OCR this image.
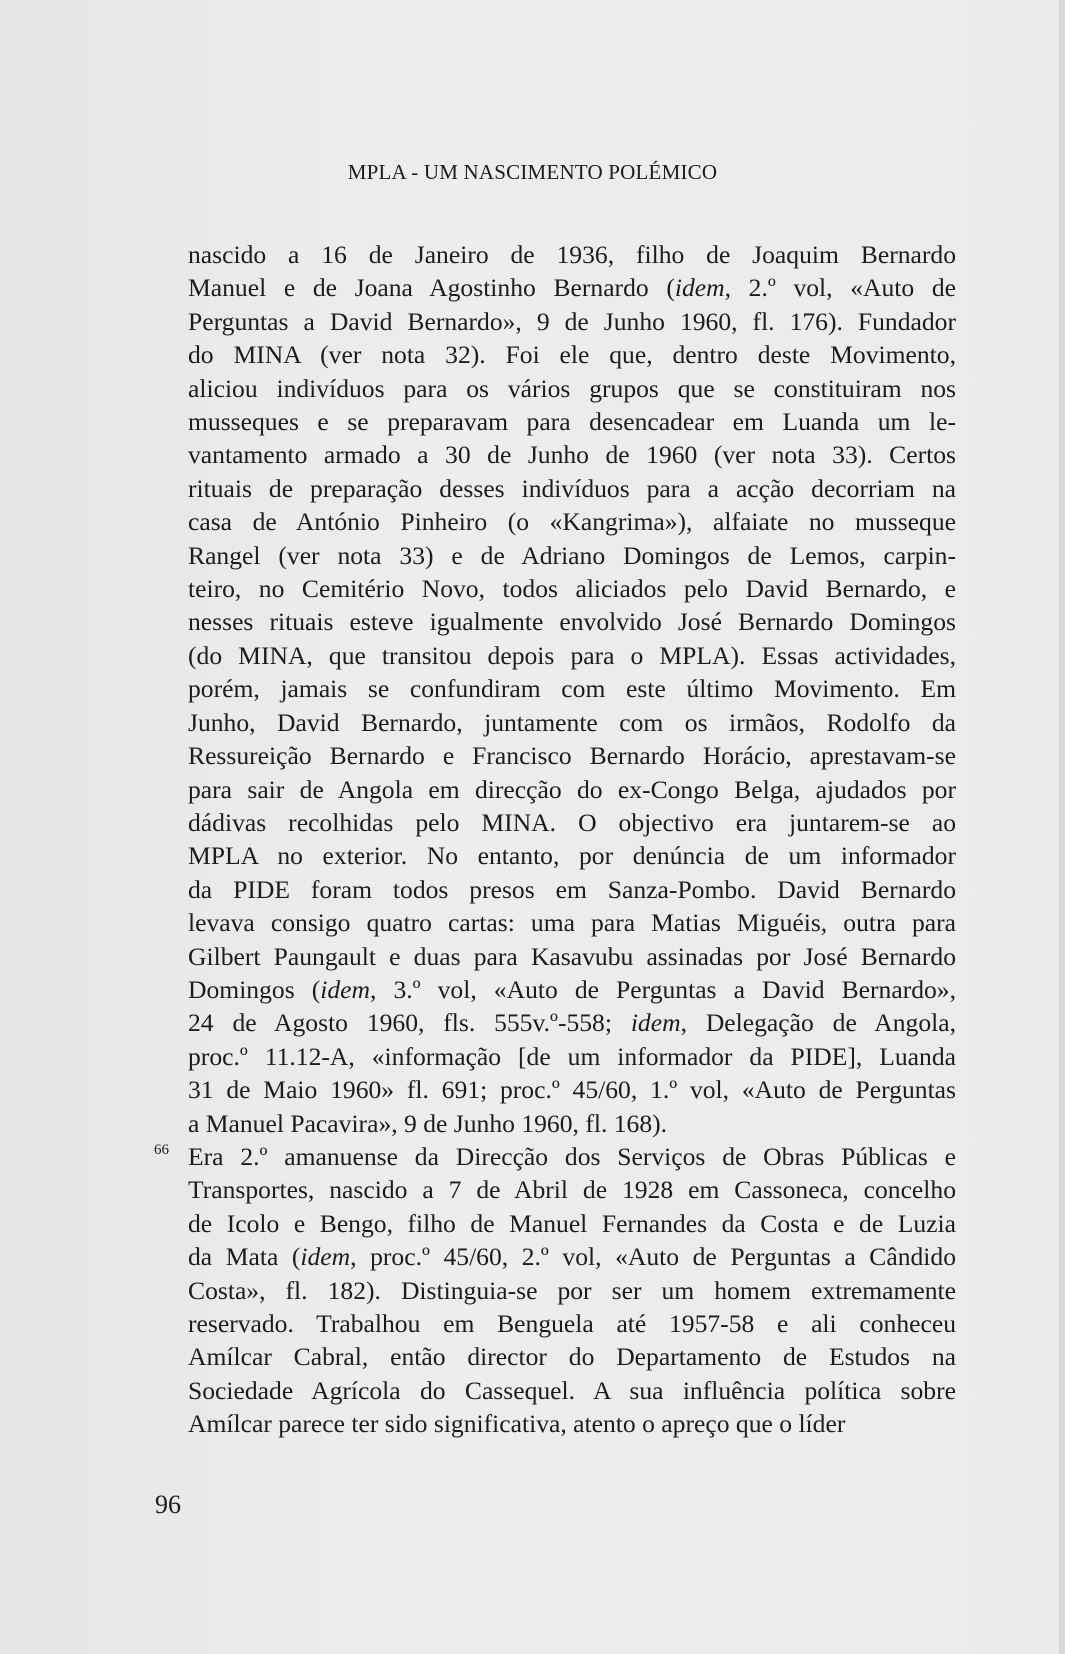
MPLA - UM NASCIMENTO POLÉMICO

nascido a 16 de Janeiro de 1936, filho de Joaquim Bernardo

Manuel e de Joana Agostinho Bernardo (idem, 2.º vol, «Auto de

Perguntas a David Bernardo», 9 de Junho 1960, fl. 176). Fundador

do MINA (ver nota 32). Foi ele que, dentro deste Movimento,

aliciou indivíduos para os vários grupos que se constituiram nos

musseques e se preparavam para desencadear em Luanda um le-

vantamento armado a 30 de Junho de 1960 (ver nota 33). Certos

rituais de preparação desses indivíduos para a acção decorriam na

casa de António Pinheiro (o «Kangrima»), alfaiate no musseque

Rangel (ver nota 33) e de Adriano Domingos de Lemos, carpin-

teiro, no Cemitério Novo, todos aliciados pelo David Bernardo, e

nesses rituais esteve igualmente envolvido José Bernardo Domingos

(do MINA, que transitou depois para o MPLA). Essas actividades,

porém, jamais se confundiram com este último Movimento. Em

Junho, David Bernardo, juntamente com os irmãos, Rodolfo da

Ressureição Bernardo e Francisco Bernardo Horácio, aprestavam-se

para sair de Angola em direcção do ex-Congo Belga, ajudados por

dádivas recolhidas pelo MINA. O objectivo era juntarem-se ao

MPLA no exterior. No entanto, por denúncia de um informador

da PIDE foram todos presos em Sanza-Pombo. David Bernardo

levava consigo quatro cartas: uma para Matias Miguéis, outra para

Gilbert Paungault e duas para Kasavubu assinadas por José Bernardo

Domingos (idem, 3.º vol, «Auto de Perguntas a David Bernardo»,

24 de Agosto 1960, fls. 555v.º-558; idem, Delegação de Angola,

proc.º 11.12-A, «informação [de um informador da PIDE], Luanda

31 de Maio 1960» fl. 691; proc.º 45/60, 1.º vol, «Auto de Perguntas

a Manuel Pacavira», 9 de Junho 1960, fl. 168).

Era 2.º amanuense da Direcção dos Serviços de Obras Públicas e
66

Transportes, nascido a 7 de Abril de 1928 em Cassoneca, concelho

de Icolo e Bengo, filho de Manuel Fernandes da Costa e de Luzia

da Mata (idem, proc.º 45/60, 2.º vol, «Auto de Perguntas a Cândido

Costa», fl. 182). Distinguia-se por ser um homem extremamente

reservado. Trabalhou em Benguela até 1957-58 e ali conheceu

Amílcar Cabral, então director do Departamento de Estudos na

Sociedade Agrícola do Cassequel. A sua influência política sobre

Amílcar parece ter sido significativa, atento o apreço que o líder

96
